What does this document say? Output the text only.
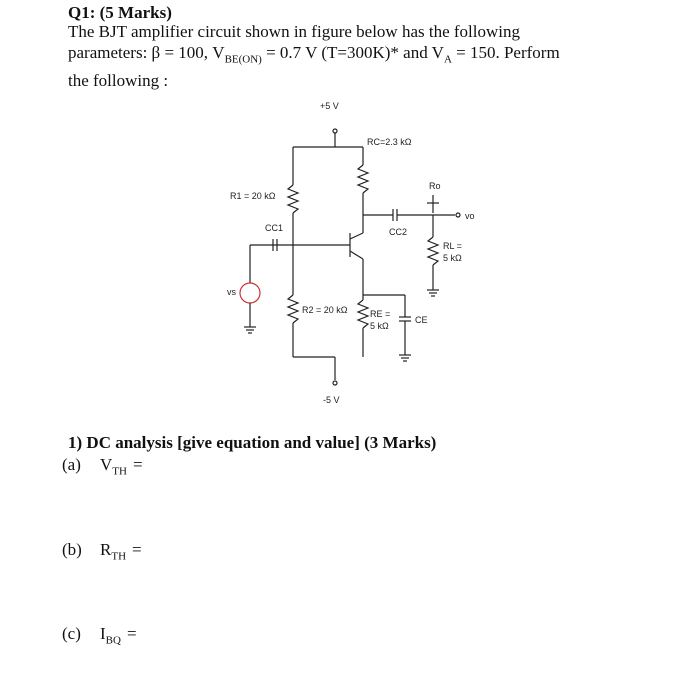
Q1: (5 Marks)
The BJT amplifier circuit shown in figure below has the following
parameters: β = 100, $V_{BE(ON)} = 0.7$ V (T=300K)* and $V_A = 150$. Perform
the following :
+5 V
-5 V
RC=2.3 kΩ
R1 = 20 kΩ
R2 = 20 kΩ RE =
5 kΩ
RL =
5 kΩ
Ro
CC1	CC2
CE
vs
vo
1) DC analysis [give equation and value] (3 Marks)
(a) $V_{TH}$ =
(b) $R_{TH}$ =
(c) $I_{BQ}$ =
